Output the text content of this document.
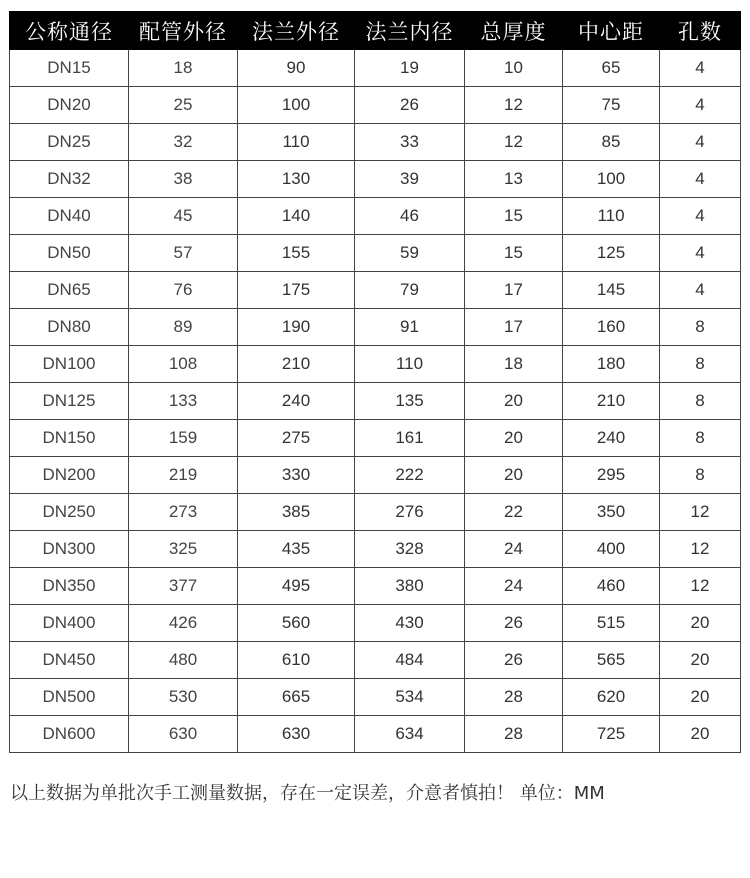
公称通径	配管外径	法兰外径	法兰内径	总厚度	中心距	孔数
DN15	18	90	19	10	65	4
DN20	25	100	26	12	75	4
DN25	32	110	33	12	85	4
DN32	38	130	39	13	100	4
DN40	45	140	46	15	110	4
DN50	57	155	59	15	125	4
DN65	76	175	79	17	145	4
DN80	89	190	91	17	160	8
DN100	108	210	110	18	180	8
DN125	133	240	135	20	210	8
DN150	159	275	161	20	240	8
DN200	219	330	222	20	295	8
DN250	273	385	276	22	350	12
DN300	325	435	328	24	400	12
DN350	377	495	380	24	460	12
DN400	426	560	430	26	515	20
DN450	480	610	484	26	565	20
DN500	530	665	534	28	620	20
DN600	630	630	634	28	725	20
以上数据为单批次手工测量数据，存在一定误差，介意者慎拍！ 单位：MM
